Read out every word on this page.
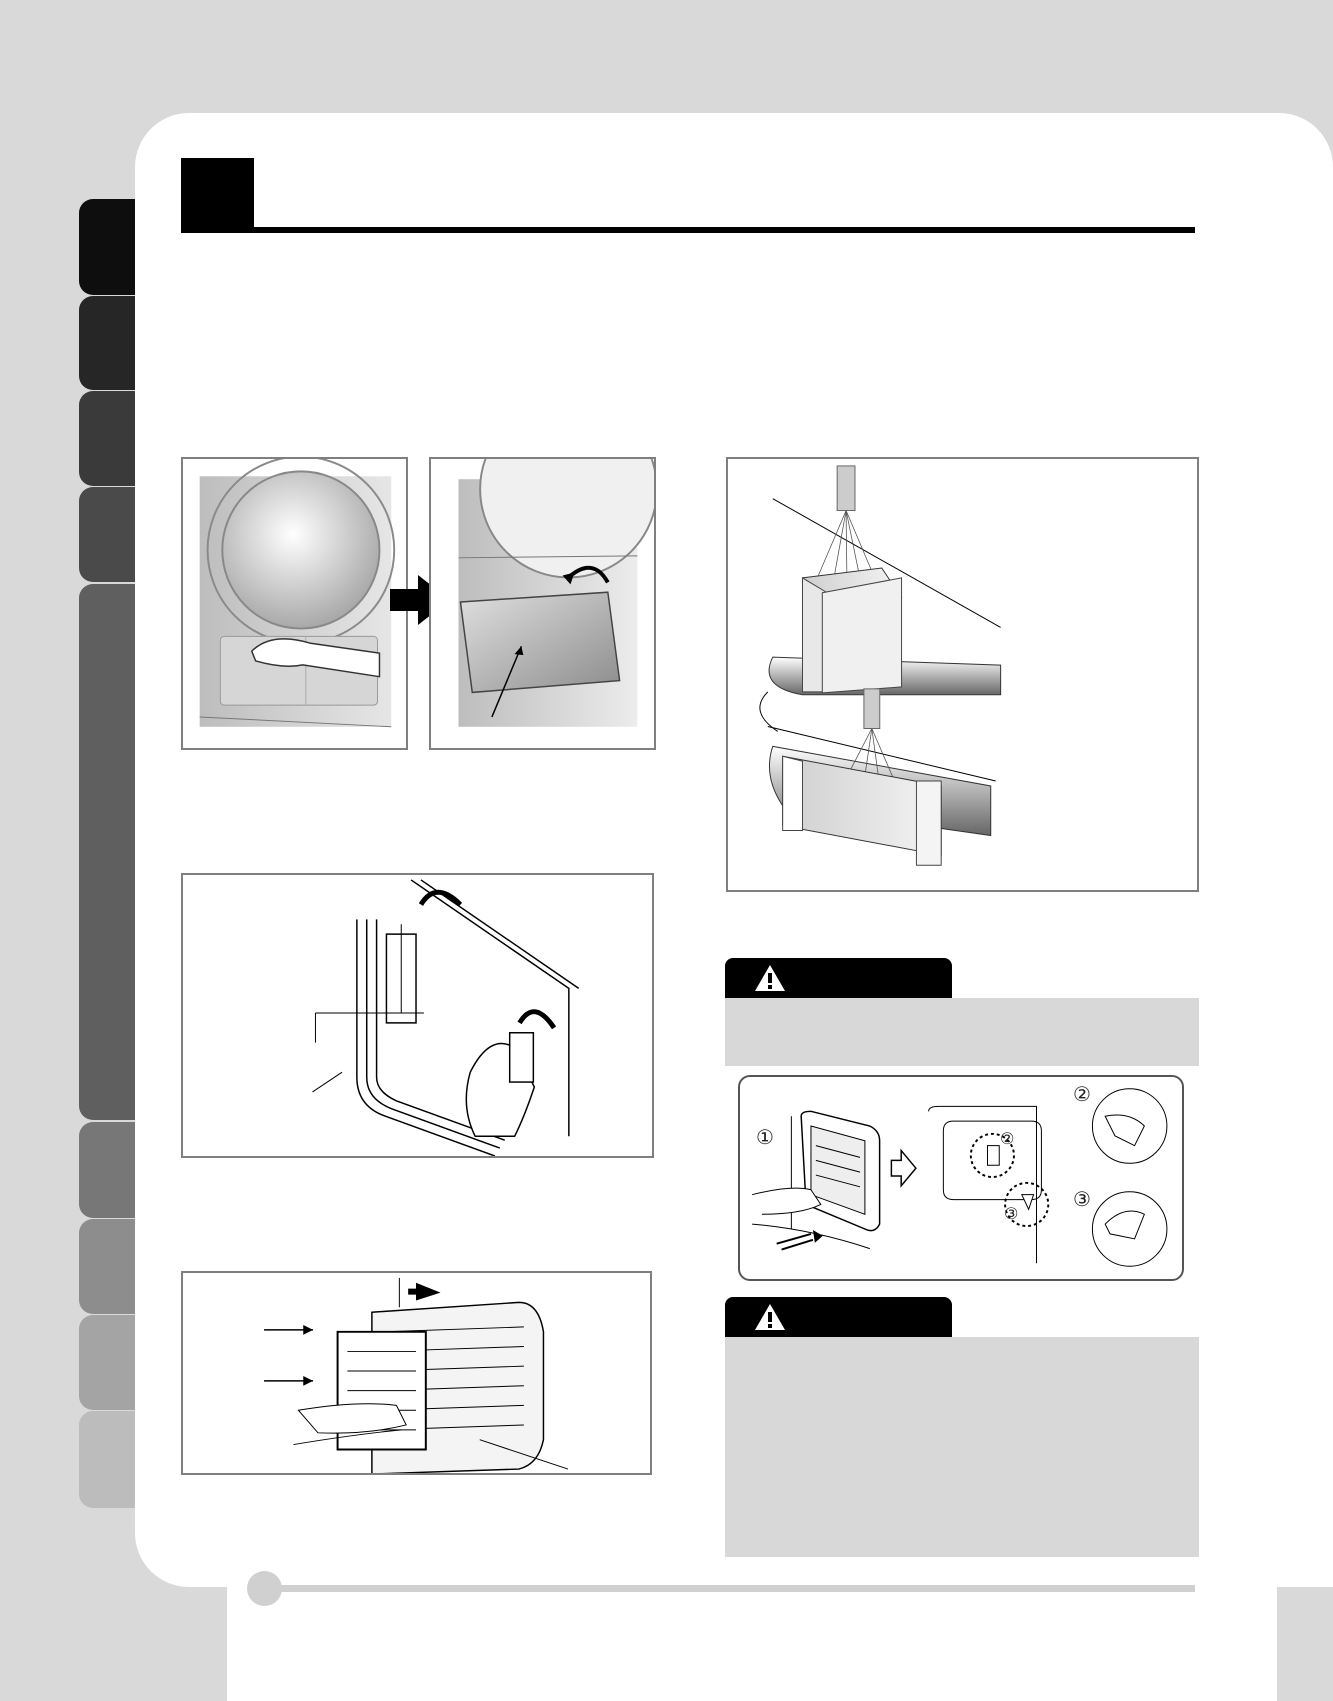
①
②
③
②
③
